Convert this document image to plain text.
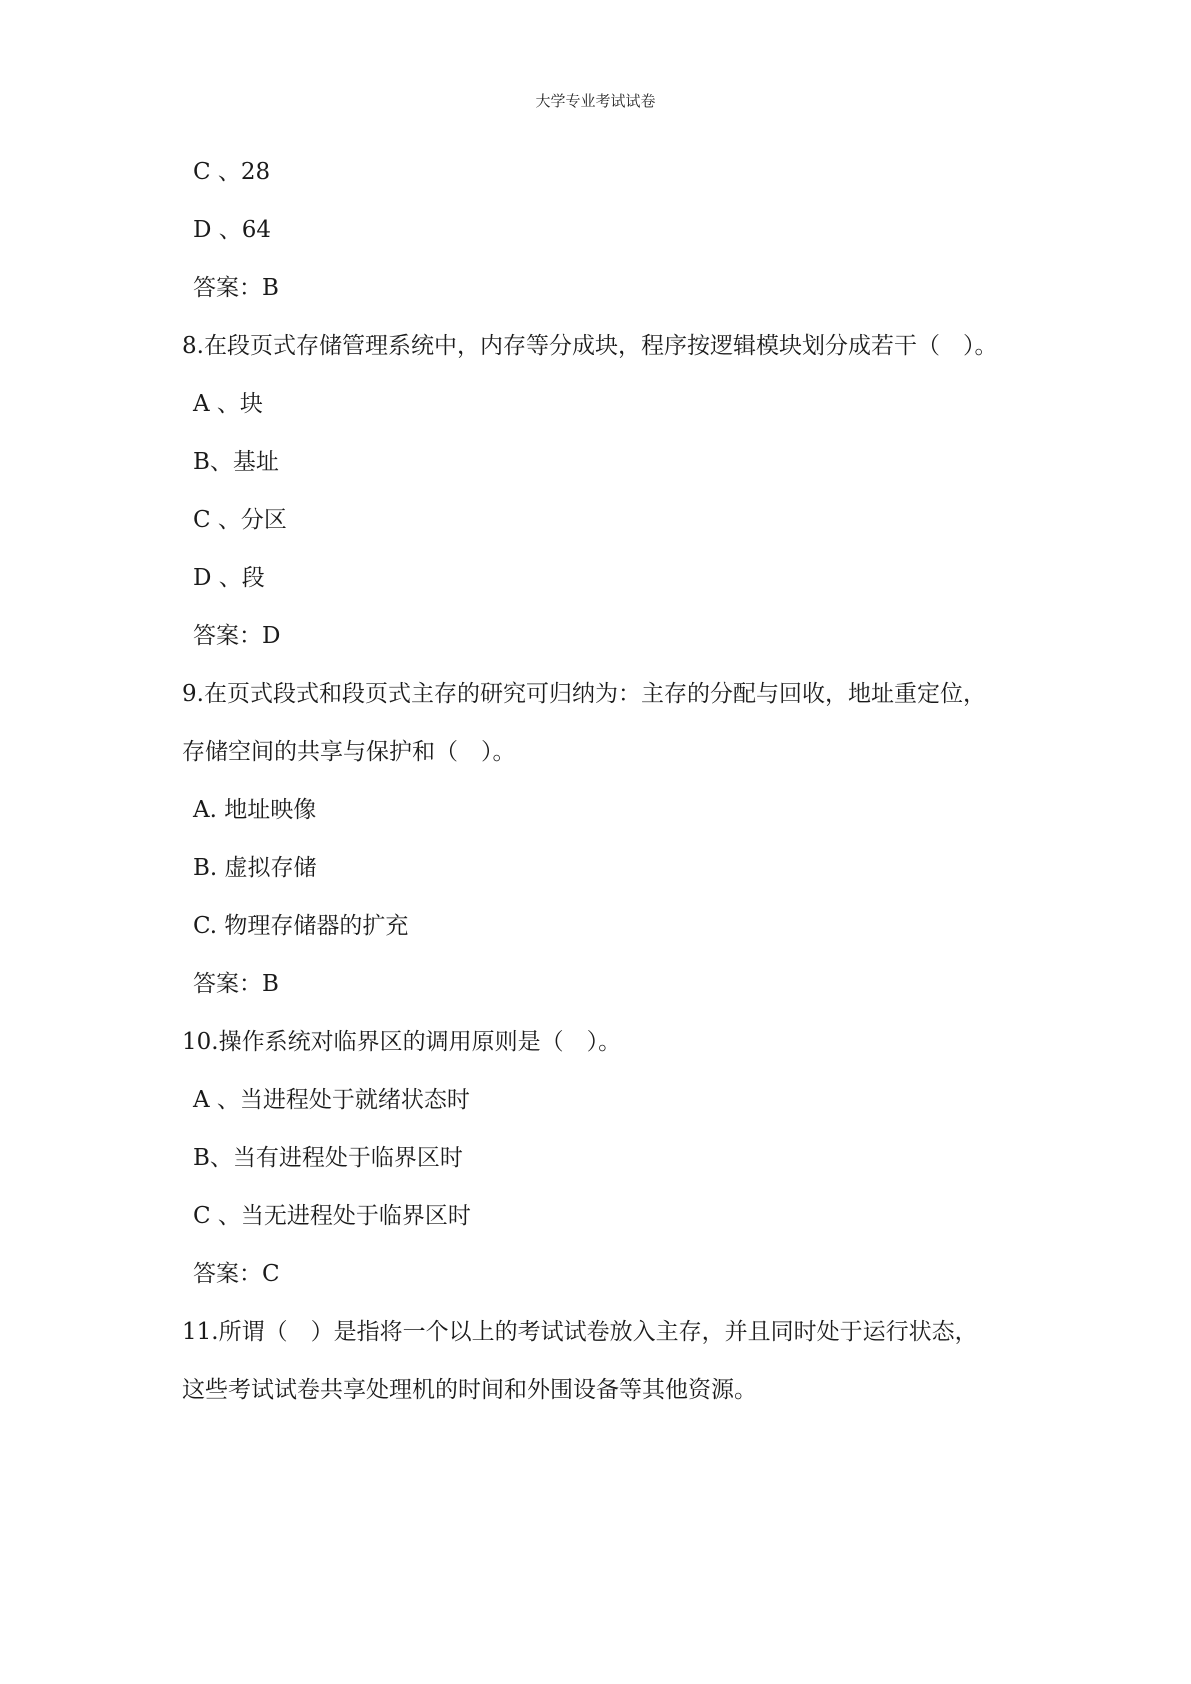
大学专业考试试卷
C 、28
D 、64
答案：B
8.在段页式存储管理系统中，内存等分成块，程序按逻辑模块划分成若干（　）。
A 、块
B、基址
C 、分区
D 、段
答案：D
9.在页式段式和段页式主存的研究可归纳为：主存的分配与回收，地址重定位，
存储空间的共享与保护和（　）。
A. 地址映像
B. 虚拟存储
C. 物理存储器的扩充
答案：B
10.操作系统对临界区的调用原则是（　）。
A 、当进程处于就绪状态时
B、当有进程处于临界区时
C 、当无进程处于临界区时
答案：C
11.所谓（　）是指将一个以上的考试试卷放入主存，并且同时处于运行状态，
这些考试试卷共享处理机的时间和外围设备等其他资源。
